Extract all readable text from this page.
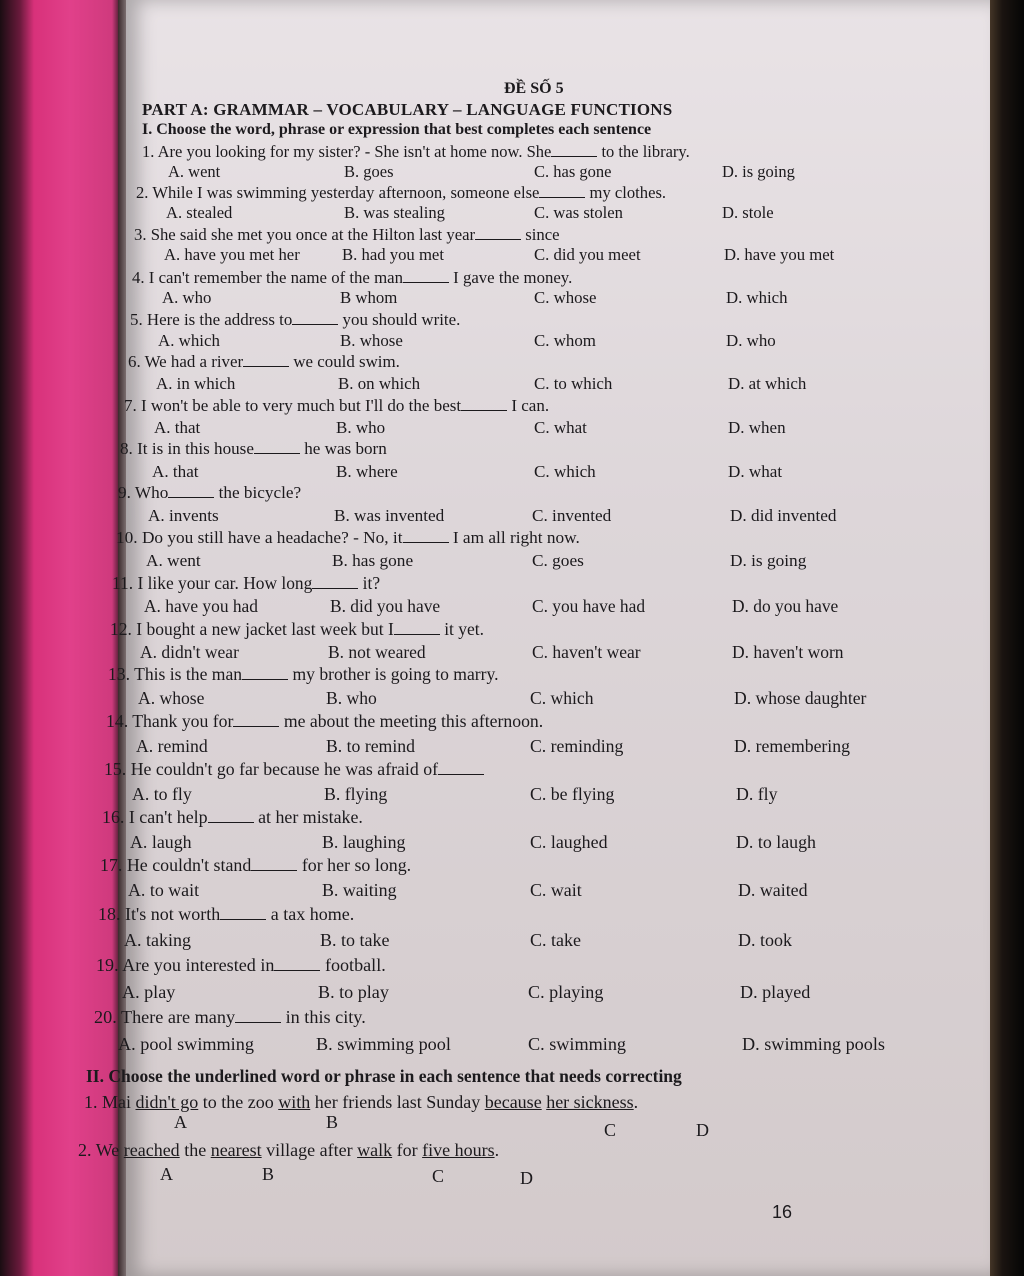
ĐỀ SỐ 5
PART A: GRAMMAR – VOCABULARY – LANGUAGE FUNCTIONS
I. Choose the word, phrase or expression that best completes each sentence
1. Are you looking for my sister? - She isn't at home now. She	to the library.
A. went	B. goes	C. has gone	D. is going
2. While I was swimming yesterday afternoon, someone else	my clothes.
A. stealed	B. was stealing	C. was stolen	D. stole
3. She said she met you once at the Hilton last year	since
A. have you met her	B. had you met	C. did you meet	D. have you met
4. I can't remember the name of the man	I gave the money.
A. who	B whom	C. whose	D. which
5. Here is the address to	you should write.
A. which	B. whose	C. whom	D. who
6. We had a river	we could swim.
A. in which	B. on which	C. to which	D. at which
7. I won't be able to very much but I'll do the best	I can.
A. that	B. who	C. what	D. when
8. It is in this house	he was born
A. that	B. where	C. which	D. what
9. Who	the bicycle?
A. invents	B. was invented	C. invented	D. did invented
10. Do you still have a headache? - No, it	I am all right now.
A. went	B. has gone	C. goes	D. is going
11. I like your car. How long	it?
A. have you had	B. did you have	C. you have had	D. do you have
12. I bought a new jacket last week but I	it yet.
A. didn't wear	B. not weared	C. haven't wear	D. haven't worn
13. This is the man	my brother is going to marry.
A. whose	B. who	C. which	D. whose daughter
14. Thank you for	me about the meeting this afternoon.
A. remind	B. to remind	C. reminding	D. remembering
15. He couldn't go far because he was afraid of
A. to fly	B. flying	C. be flying	D. fly
16. I can't help	at her mistake.
A. laugh	B. laughing	C. laughed	D. to laugh
17. He couldn't stand	for her so long.
A. to wait	B. waiting	C. wait	D. waited
18. It's not worth	a tax home.
A. taking	B. to take	C. take	D. took
19. Are you interested in	football.
A. play	B. to play	C. playing	D. played
20. There are many	in this city.
A. pool swimming	B. swimming pool	C. swimming	D. swimming pools
II. Choose the underlined word or phrase in each sentence that needs correcting
1. Mai didn't go to the zoo with her friends last Sunday because her sickness.
A	B	C	D
2. We reached the nearest village after walk for five hours.
A	B	C	D
16
